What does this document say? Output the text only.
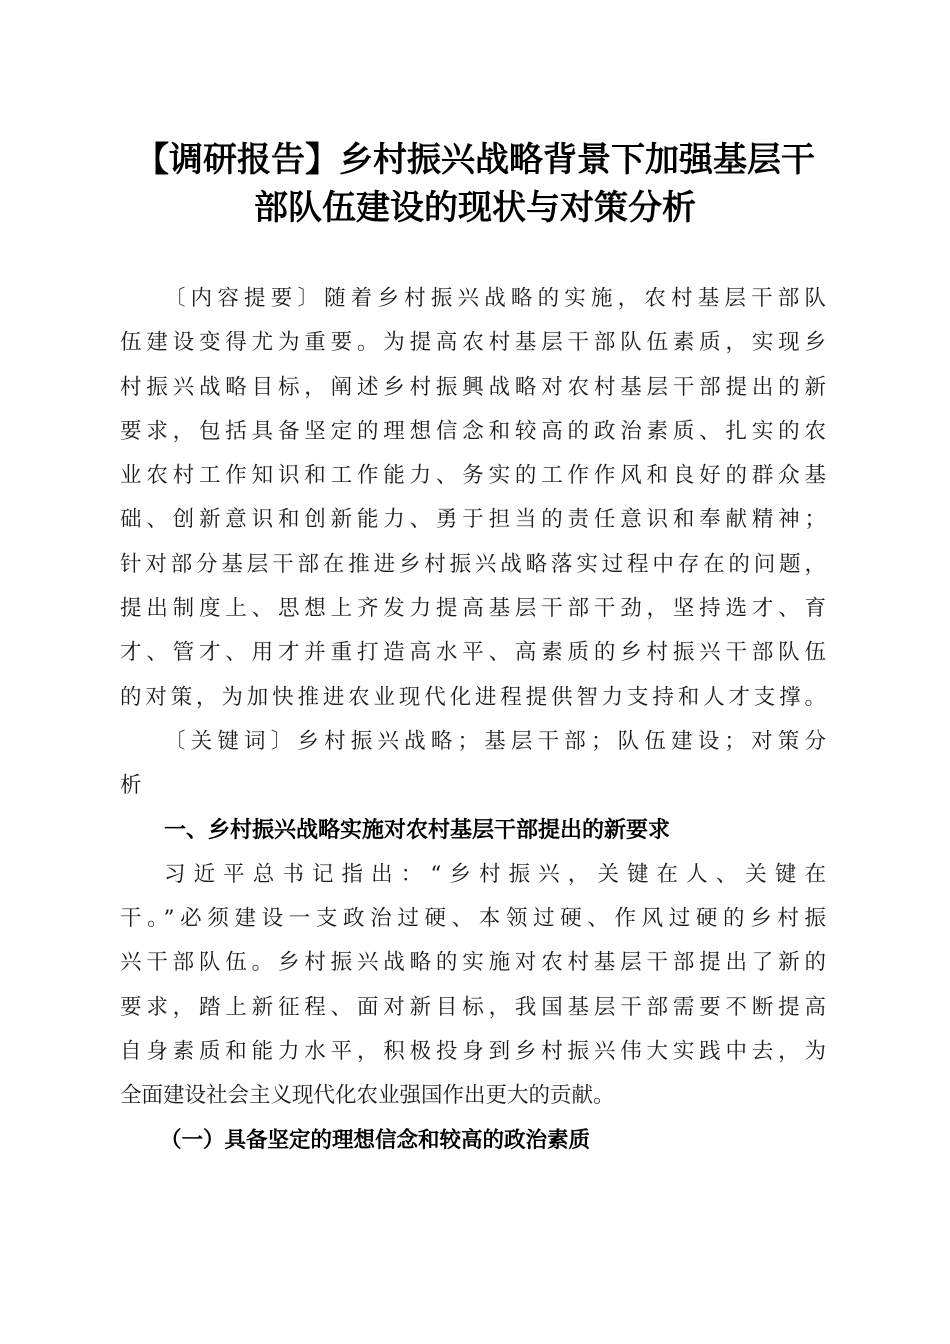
【调研报告】乡村振兴战略背景下加强基层干
部队伍建设的现状与对策分析
〔内容提要〕随着乡村振兴战略的实施，农村基层干部队
伍建设变得尤为重要。为提高农村基层干部队伍素质，实现乡
村振兴战略目标，阐述乡村振興战略对农村基层干部提出的新
要求，包括具备坚定的理想信念和较高的政治素质、扎实的农
业农村工作知识和工作能力、务实的工作作风和良好的群众基
础、创新意识和创新能力、勇于担当的责任意识和奉献精神；
针对部分基层干部在推进乡村振兴战略落实过程中存在的问题，
提出制度上、思想上齐发力提高基层干部干劲，坚持选才、育
才、管才、用才并重打造高水平、高素质的乡村振兴干部队伍
的对策，为加快推进农业现代化进程提供智力支持和人才支撑。
〔关键词〕乡村振兴战略；基层干部；队伍建设；对策分
析
一、乡村振兴战略实施对农村基层干部提出的新要求
习近平总书记指出：“乡村振兴，关键在人、关键在
干。”必须建设一支政治过硬、本领过硬、作风过硬的乡村振
兴干部队伍。乡村振兴战略的实施对农村基层干部提出了新的
要求，踏上新征程、面对新目标，我国基层干部需要不断提高
自身素质和能力水平，积极投身到乡村振兴伟大实践中去，为
全面建设社会主义现代化农业强国作出更大的贡献。
（一）具备坚定的理想信念和较高的政治素质
